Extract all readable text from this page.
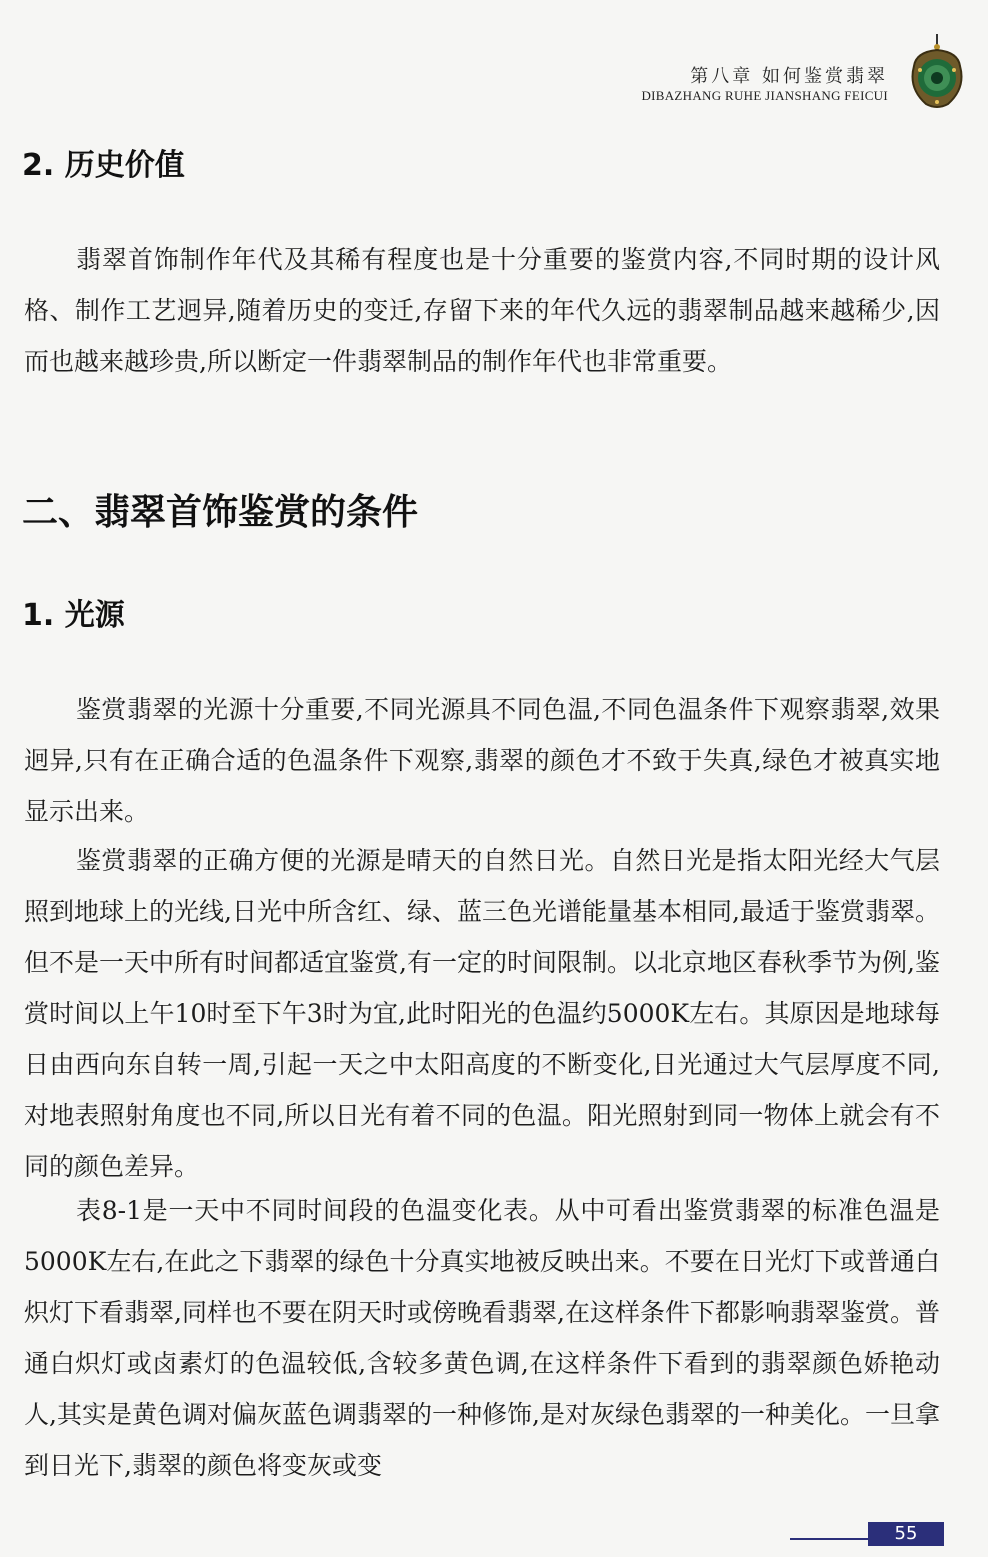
第八章 如何鉴赏翡翠
DIBAZHANG RUHE JIANSHANG FEICUI
2. 历史价值

翡翠首饰制作年代及其稀有程度也是十分重要的鉴赏内容,不同时期的设计风格、制作工艺迥异,随着历史的变迁,存留下来的年代久远的翡翠制品越来越稀少,因而也越来越珍贵,所以断定一件翡翠制品的制作年代也非常重要。

二、翡翠首饰鉴赏的条件
1. 光源

鉴赏翡翠的光源十分重要,不同光源具不同色温,不同色温条件下观察翡翠,效果迥异,只有在正确合适的色温条件下观察,翡翠的颜色才不致于失真,绿色才被真实地显示出来。

鉴赏翡翠的正确方便的光源是晴天的自然日光。自然日光是指太阳光经大气层照到地球上的光线,日光中所含红、绿、蓝三色光谱能量基本相同,最适于鉴赏翡翠。但不是一天中所有时间都适宜鉴赏,有一定的时间限制。以北京地区春秋季节为例,鉴赏时间以上午10时至下午3时为宜,此时阳光的色温约5000K左右。其原因是地球每日由西向东自转一周,引起一天之中太阳高度的不断变化,日光通过大气层厚度不同,对地表照射角度也不同,所以日光有着不同的色温。阳光照射到同一物体上就会有不同的颜色差异。

表8-1是一天中不同时间段的色温变化表。从中可看出鉴赏翡翠的标准色温是5000K左右,在此之下翡翠的绿色十分真实地被反映出来。不要在日光灯下或普通白炽灯下看翡翠,同样也不要在阴天时或傍晚看翡翠,在这样条件下都影响翡翠鉴赏。普通白炽灯或卤素灯的色温较低,含较多黄色调,在这样条件下看到的翡翠颜色娇艳动人,其实是黄色调对偏灰蓝色调翡翠的一种修饰,是对灰绿色翡翠的一种美化。一旦拿到日光下,翡翠的颜色将变灰或变

55
